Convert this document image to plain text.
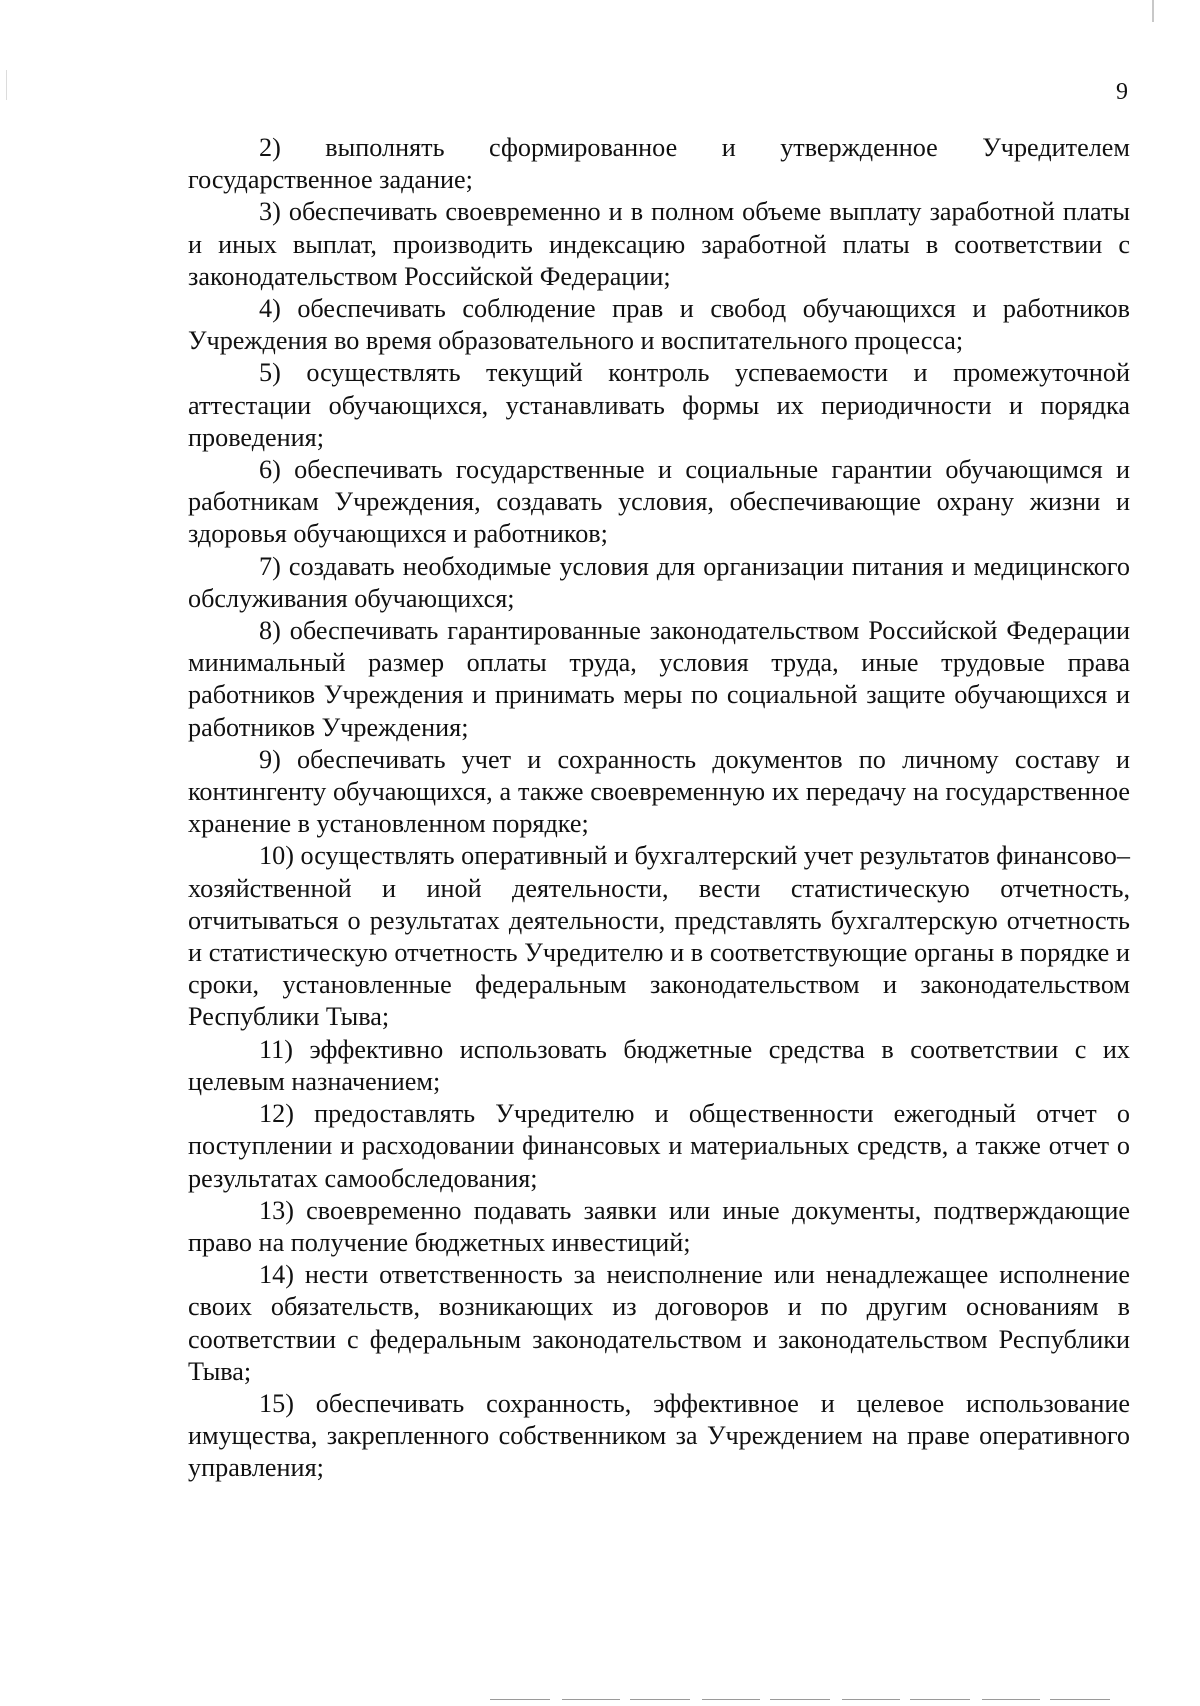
9

2) выполнять сформированное и утвержденное Учредителем государственное задание;

3) обеспечивать своевременно и в полном объеме выплату заработной платы и иных выплат, производить индексацию заработной платы в соответствии с законодательством Российской Федерации;

4) обеспечивать соблюдение прав и свобод обучающихся и работников Учреждения во время образовательного и воспитательного процесса;

5) осуществлять текущий контроль успеваемости и промежуточной аттестации обучающихся, устанавливать формы их периодичности и порядка проведения;

6) обеспечивать государственные и социальные гарантии обучающимся и работникам Учреждения, создавать условия, обеспечивающие охрану жизни и здоровья обучающихся и работников;

7) создавать необходимые условия для организации питания и медицинского обслуживания обучающихся;

8) обеспечивать гарантированные законодательством Российской Федерации минимальный размер оплаты труда, условия труда, иные трудовые права работников Учреждения и принимать меры по социальной защите обучающихся и работников Учреждения;

9) обеспечивать учет и сохранность документов по личному составу и контингенту обучающихся, а также своевременную их передачу на государственное хранение в установленном порядке;

10) осуществлять оперативный и бухгалтерский учет результатов финансово–хозяйственной и иной деятельности, вести статистическую отчетность, отчитываться о результатах деятельности, представлять бухгалтерскую отчетность и статистическую отчетность Учредителю и в соответствующие органы в порядке и сроки, установленные федеральным законодательством и законодательством Республики Тыва;

11) эффективно использовать бюджетные средства в соответствии с их целевым назначением;

12) предоставлять Учредителю и общественности ежегодный отчет о поступлении и расходовании финансовых и материальных средств, а также отчет о результатах самообследования;

13) своевременно подавать заявки или иные документы, подтверждающие право на получение бюджетных инвестиций;

14) нести ответственность за неисполнение или ненадлежащее исполнение своих обязательств, возникающих из договоров и по другим основаниям в соответствии с федеральным законодательством и законодательством Республики Тыва;

15) обеспечивать сохранность, эффективное и целевое использование имущества, закрепленного собственником за Учреждением на праве оперативного управления;
